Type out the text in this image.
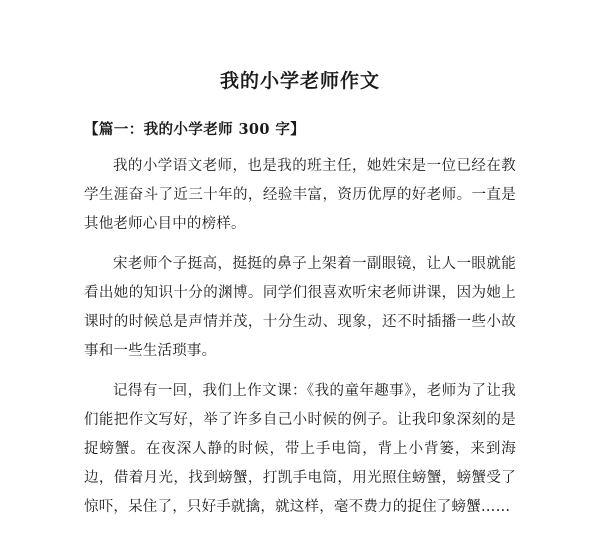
我的小学老师作文

【篇一：我的小学老师 300 字】

我的小学语文老师，也是我的班主任，她姓宋是一位已经在教学生涯奋斗了近三十年的，经验丰富，资历优厚的好老师。一直是其他老师心目中的榜样。

宋老师个子挺高，挺挺的鼻子上架着一副眼镜，让人一眼就能看出她的知识十分的渊博。同学们很喜欢听宋老师讲课，因为她上课时的时候总是声情并茂，十分生动、现象，还不时插播一些小故事和一些生活琐事。

记得有一回，我们上作文课：《我的童年趣事》，老师为了让我们能把作文写好，举了许多自己小时候的例子。让我印象深刻的是捉螃蟹。在夜深人静的时候，带上手电筒，背上小背篓，来到海边，借着月光，找到螃蟹，打凯手电筒，用光照住螃蟹，螃蟹受了惊吓，呆住了，只好手就擒，就这样，毫不费力的捉住了螃蟹……
